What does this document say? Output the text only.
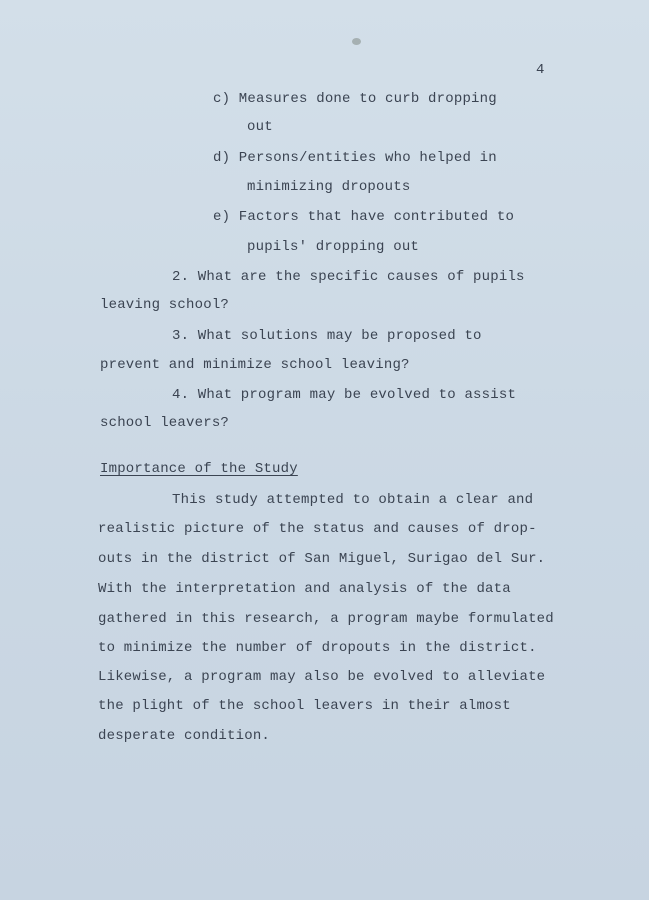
4
c) Measures done to curb dropping
out
d) Persons/entities who helped in
minimizing dropouts
e) Factors that have contributed to
pupils' dropping out
2. What are the specific causes of pupils
leaving school?
3. What solutions may be proposed to
prevent and minimize school leaving?
4. What program may be evolved to assist
school leavers?
Importance of the Study
This study attempted to obtain a clear and
realistic picture of the status and causes of drop-
outs in the district of San Miguel, Surigao del Sur.
With the interpretation and analysis of the data
gathered in this research, a program maybe formulated
to minimize the number of dropouts in the district.
Likewise, a program may also be evolved to alleviate
the plight of the school leavers in their almost
desperate condition.
